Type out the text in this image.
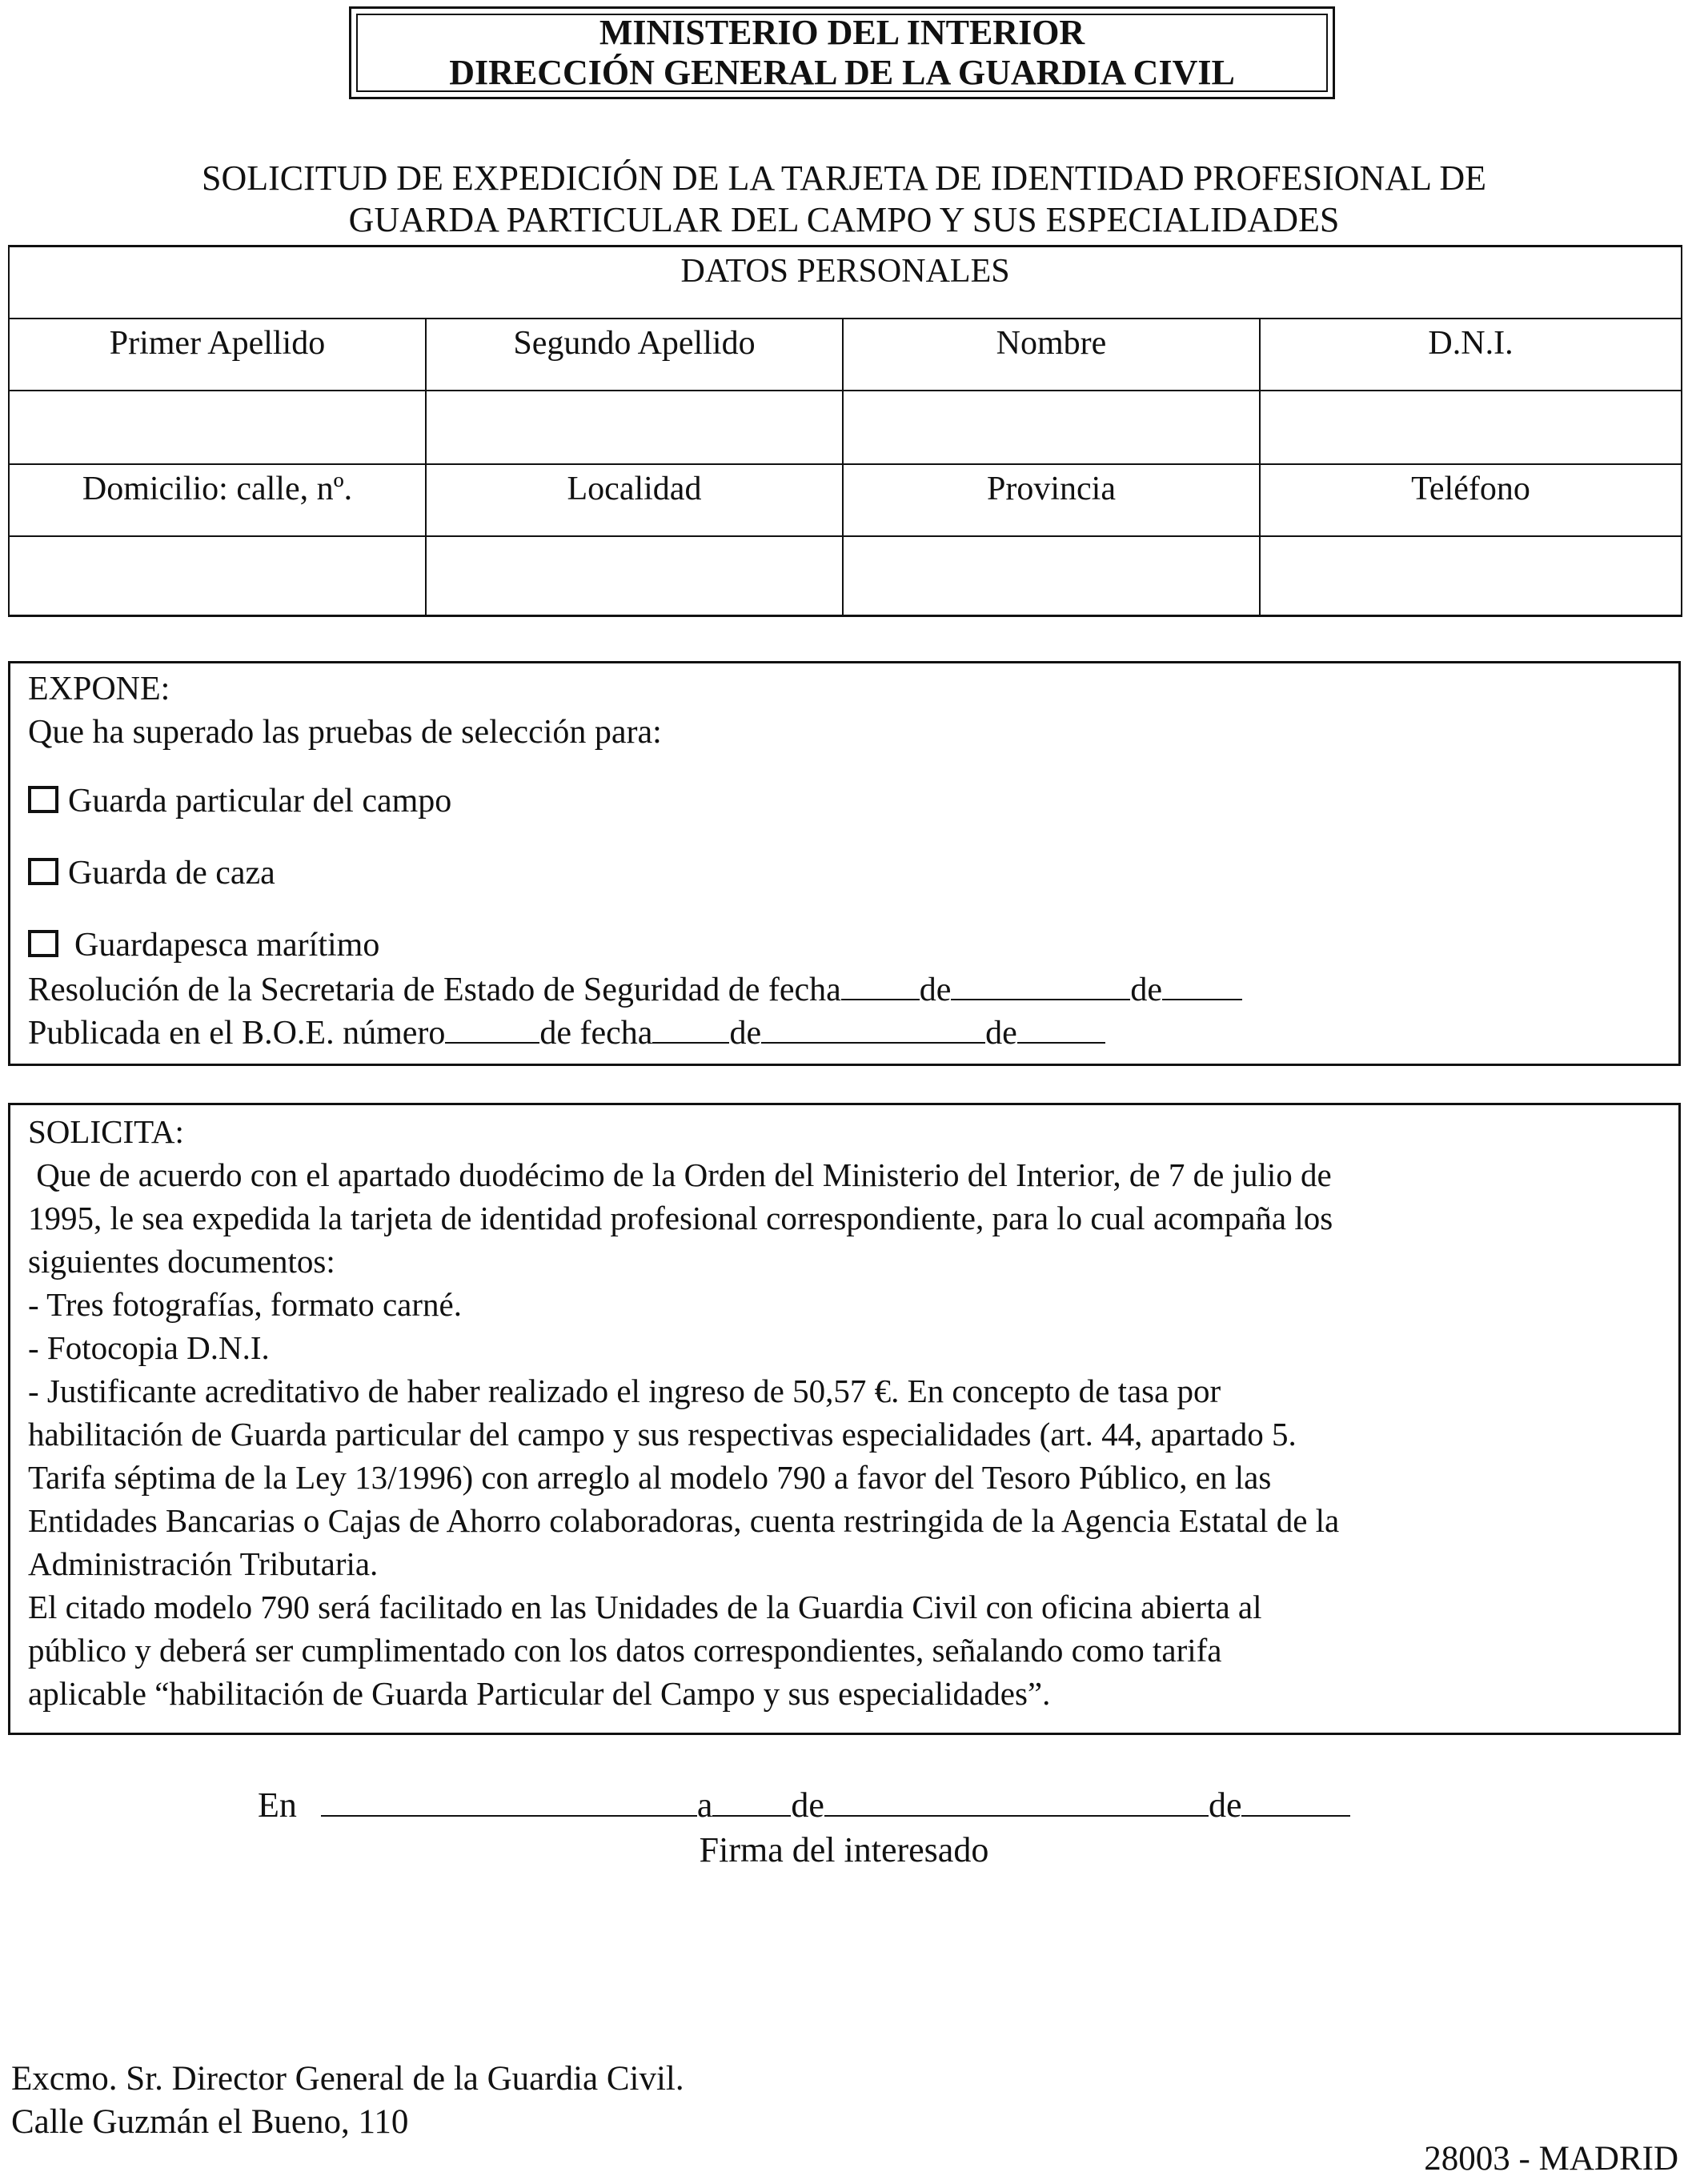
MINISTERIO DEL INTERIOR
DIRECCIÓN GENERAL DE LA GUARDIA CIVIL
SOLICITUD DE EXPEDICIÓN DE LA TARJETA DE IDENTIDAD PROFESIONAL DE
GUARDA PARTICULAR DEL CAMPO Y SUS ESPECIALIDADES
DATOS PERSONALES			
Primer Apellido	Segundo Apellido	Nombre	D.N.I.

Domicilio: calle, nº.	Localidad	Provincia	Teléfono

EXPONE:
Que ha superado las pruebas de selección para:
Guarda particular del campo
Guarda de caza
Guardapesca marítimo
Resolución de la Secretaria de Estado de Seguridad de fecha de	de
Publicada en el B.O.E. número	de fecha de	de

SOLICITA:

Que de acuerdo con el apartado duodécimo de la Orden del Ministerio del Interior, de 7 de julio de

1995, le sea expedida la tarjeta de identidad profesional correspondiente, para lo cual acompaña los

siguientes documentos:

- Tres fotografías, formato carné.

- Fotocopia D.N.I.

- Justificante acreditativo de haber realizado el ingreso de 50,57 €. En concepto de tasa por

habilitación de Guarda particular del campo y sus respectivas especialidades (art. 44, apartado 5.

Tarifa séptima de la Ley 13/1996) con arreglo al modelo 790 a favor del Tesoro Público, en las

Entidades Bancarias o Cajas de Ahorro colaboradoras, cuenta restringida de la Agencia Estatal de la

Administración Tributaria.

El citado modelo 790 será facilitado en las Unidades de la Guardia Civil con oficina abierta al

público y deberá ser cumplimentado con los datos correspondientes, señalando como tarifa

aplicable “habilitación de Guarda Particular del Campo y sus especialidades”.

En	a de	de
Firma del interesado
Excmo. Sr. Director General de la Guardia Civil.
Calle Guzmán el Bueno, 110
28003 - MADRID
